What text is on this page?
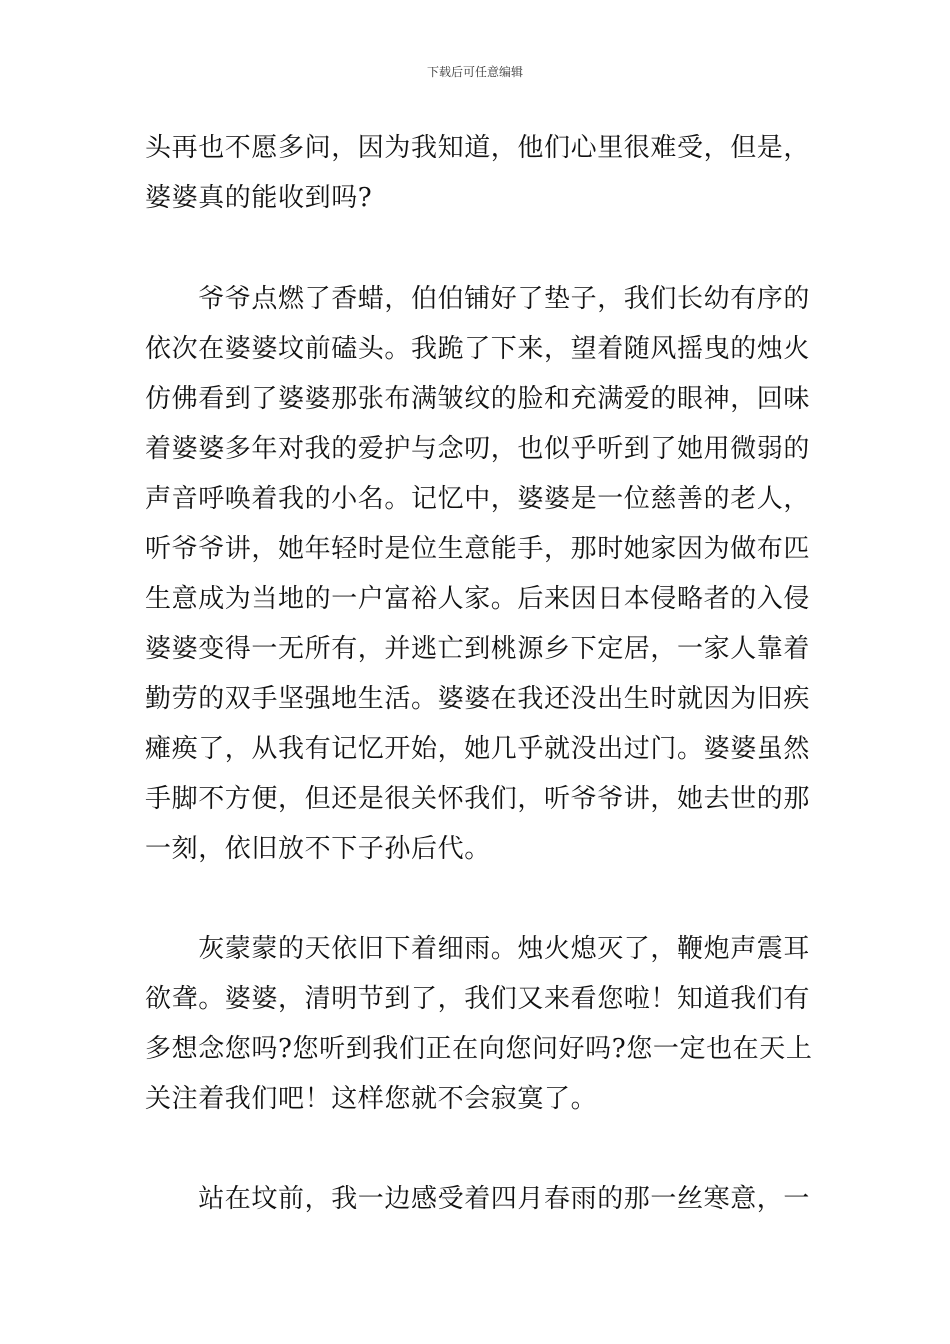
下载后可任意编辑
头再也不愿多问，因为我知道，他们心里很难受，但是，
婆婆真的能收到吗?
　　爷爷点燃了香蜡，伯伯铺好了垫子，我们长幼有序的
依次在婆婆坟前磕头。我跪了下来，望着随风摇曳的烛火
仿佛看到了婆婆那张布满皱纹的脸和充满爱的眼神，回味
着婆婆多年对我的爱护与念叨，也似乎听到了她用微弱的
声音呼唤着我的小名。记忆中，婆婆是一位慈善的老人，
听爷爷讲，她年轻时是位生意能手，那时她家因为做布匹
生意成为当地的一户富裕人家。后来因日本侵略者的入侵
婆婆变得一无所有，并逃亡到桃源乡下定居，一家人靠着
勤劳的双手坚强地生活。婆婆在我还没出生时就因为旧疾
瘫痪了，从我有记忆开始，她几乎就没出过门。婆婆虽然
手脚不方便，但还是很关怀我们，听爷爷讲，她去世的那
一刻，依旧放不下子孙后代。
　　灰蒙蒙的天依旧下着细雨。烛火熄灭了，鞭炮声震耳
欲聋。婆婆，清明节到了，我们又来看您啦！知道我们有
多想念您吗?您听到我们正在向您问好吗?您一定也在天上
关注着我们吧！这样您就不会寂寞了。
　　站在坟前，我一边感受着四月春雨的那一丝寒意，一
